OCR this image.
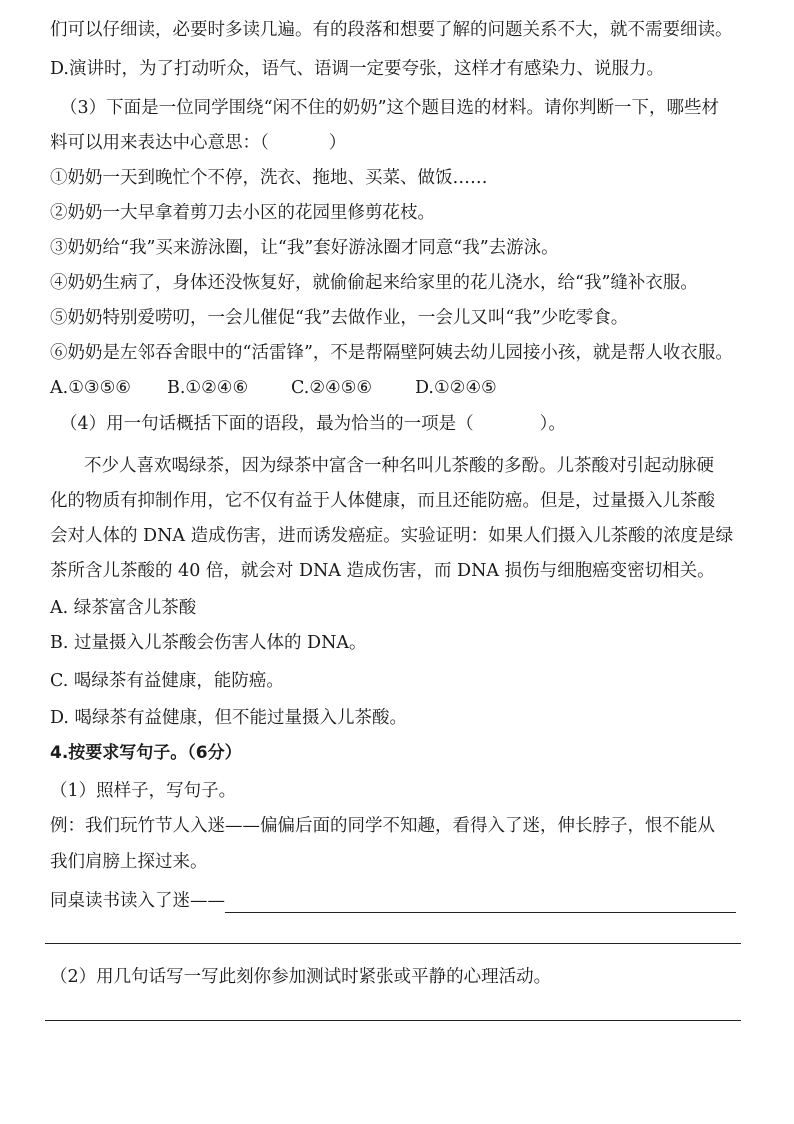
们可以仔细读，必要时多读几遍。有的段落和想要了解的问题关系不大，就不需要细读。
D.演讲时，为了打动听众，语气、语调一定要夸张，这样才有感染力、说服力。
（3）下面是一位同学围绕“闲不住的奶奶”这个题目选的材料。请你判断一下，哪些材
料可以用来表达中心意思：（	）
①奶奶一天到晚忙个不停，洗衣、拖地、买菜、做饭……
②奶奶一大早拿着剪刀去小区的花园里修剪花枝。
③奶奶给“我”买来游泳圈，让“我”套好游泳圈才同意“我”去游泳。
④奶奶生病了，身体还没恢复好，就偷偷起来给家里的花儿浇水，给“我”缝补衣服。
⑤奶奶特别爱唠叨，一会儿催促“我”去做作业，一会儿又叫“我”少吃零食。
⑥奶奶是左邻吞舍眼中的“活雷锋”，不是帮隔壁阿姨去幼儿园接小孩，就是帮人收衣服。
A.①③⑤⑥ B.①②④⑥ C.②④⑤⑥ D.①②④⑤
（4）用一句话概括下面的语段，最为恰当的一项是（	）。
不少人喜欢喝绿茶，因为绿茶中富含一种名叫儿茶酸的多酚。儿茶酸对引起动脉硬
化的物质有抑制作用，它不仅有益于人体健康，而且还能防癌。但是，过量摄入儿茶酸
会对人体的 DNA 造成伤害，进而诱发癌症。实验证明：如果人们摄入儿茶酸的浓度是绿
茶所含儿茶酸的 40 倍，就会对 DNA 造成伤害，而 DNA 损伤与细胞癌变密切相关。
A. 绿茶富含儿茶酸
B. 过量摄入儿茶酸会伤害人体的 DNA。
C. 喝绿茶有益健康，能防癌。
D. 喝绿茶有益健康，但不能过量摄入儿茶酸。
4.按要求写句子。（6分）
（1）照样子，写句子。
例：我们玩竹节人入迷——偏偏后面的同学不知趣，看得入了迷，伸长脖子，恨不能从
我们肩膀上探过来。
同桌读书读入了迷——
（2）用几句话写一写此刻你参加测试时紧张或平静的心理活动。
